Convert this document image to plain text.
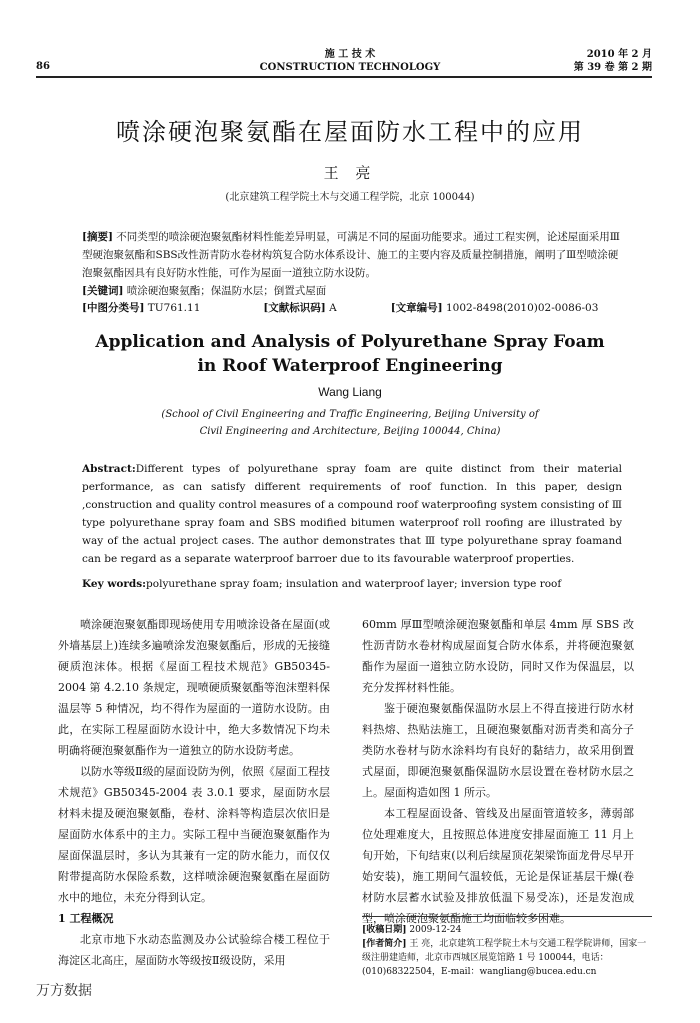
施 工 技 术
CONSTRUCTION TECHNOLOGY
86
2010 年 2 月
第 39 卷 第 2 期
喷涂硬泡聚氨酯在屋面防水工程中的应用
王 亮
(北京建筑工程学院土木与交通工程学院，北京 100044)
[摘要] 不同类型的喷涂硬泡聚氨酯材料性能差异明显，可满足不同的屋面功能要求。通过工程实例，论述屋面采用Ⅲ型硬泡聚氨酯和SBS改性沥青防水卷材构筑复合防水体系设计、施工的主要内容及质量控制措施，阐明了Ⅲ型喷涂硬泡聚氨酯因具有良好防水性能，可作为屋面一道独立防水设防。
[关键词] 喷涂硬泡聚氨酯；保温防水层；倒置式屋面
[中图分类号] TU761.11	[文献标识码] A	[文章编号] 1002-8498(2010)02-0086-03
Application and Analysis of Polyurethane Spray Foam
in Roof Waterproof Engineering
Wang Liang
(School of Civil Engineering and Traffic Engineering, Beijing University of
Civil Engineering and Architecture, Beijing 100044, China)
Abstract:Different types of polyurethane spray foam are quite distinct from their material performance, as can satisfy different requirements of roof function. In this paper, design ,construction and quality control measures of a compound roof waterproofing system consisting of Ⅲ type polyurethane spray foam and SBS modified bitumen waterproof roll roofing are illustrated by way of the actual project cases. The author demonstrates that Ⅲ type polyurethane spray foamand can be regard as a separate waterproof barroer due to its favourable waterproof properties.
Key words:polyurethane spray foam; insulation and waterproof layer; inversion type roof

喷涂硬泡聚氨酯即现场使用专用喷涂设备在屋面(或外墙基层上)连续多遍喷涂发泡聚氨酯后，形成的无接缝硬质泡沫体。根据《屋面工程技术规范》GB50345-2004 第 4.2.10 条规定，现喷硬质聚氨酯等泡沫塑料保温层等 5 种情况，均不得作为屋面的一道防水设防。由此，在实际工程屋面防水设计中，绝大多数情况下均未明确将硬泡聚氨酯作为一道独立的防水设防考虑。

以防水等级Ⅱ级的屋面设防为例，依照《屋面工程技术规范》GB50345-2004 表 3.0.1 要求，屋面防水层材料未提及硬泡聚氨酯，卷材、涂料等构造层次依旧是屋面防水体系中的主力。实际工程中当硬泡聚氨酯作为屋面保温层时，多认为其兼有一定的防水能力，而仅仅附带提高防水保险系数，这样喷涂硬泡聚氨酯在屋面防水中的地位，未充分得到认定。

1 工程概况

北京市地下水动态监测及办公试验综合楼工程位于海淀区北高庄，屋面防水等级按Ⅱ级设防，采用

60mm 厚Ⅲ型喷涂硬泡聚氨酯和单层 4mm 厚 SBS 改性沥青防水卷材构成屋面复合防水体系，并将硬泡聚氨酯作为屋面一道独立防水设防，同时又作为保温层，以充分发挥材料性能。

鉴于硬泡聚氨酯保温防水层上不得直接进行防水材料热熔、热贴法施工，且硬泡聚氨酯对沥青类和高分子类防水卷材与防水涂料均有良好的黏结力，故采用倒置式屋面，即硬泡聚氨酯保温防水层设置在卷材防水层之上。屋面构造如图 1 所示。

本工程屋面设备、管线及出屋面管道较多，薄弱部位处理难度大，且按照总体进度安排屋面施工 11 月上旬开始，下旬结束(以利后续屋顶花架梁饰面龙骨尽早开始安装)，施工期间气温较低，无论是保证基层干燥(卷材防水层蓄水试验及排放低温下易受冻)，还是发泡成型，喷涂硬泡聚氨酯施工均面临较多困难。

[收稿日期] 2009-12-24
[作者简介] 王 亮，北京建筑工程学院土木与交通工程学院讲师，国家一级注册建造师，北京市西城区展览馆路 1 号 100044，电话：(010)68322504，E-mail：wangliang@bucea.edu.cn
万方数据
